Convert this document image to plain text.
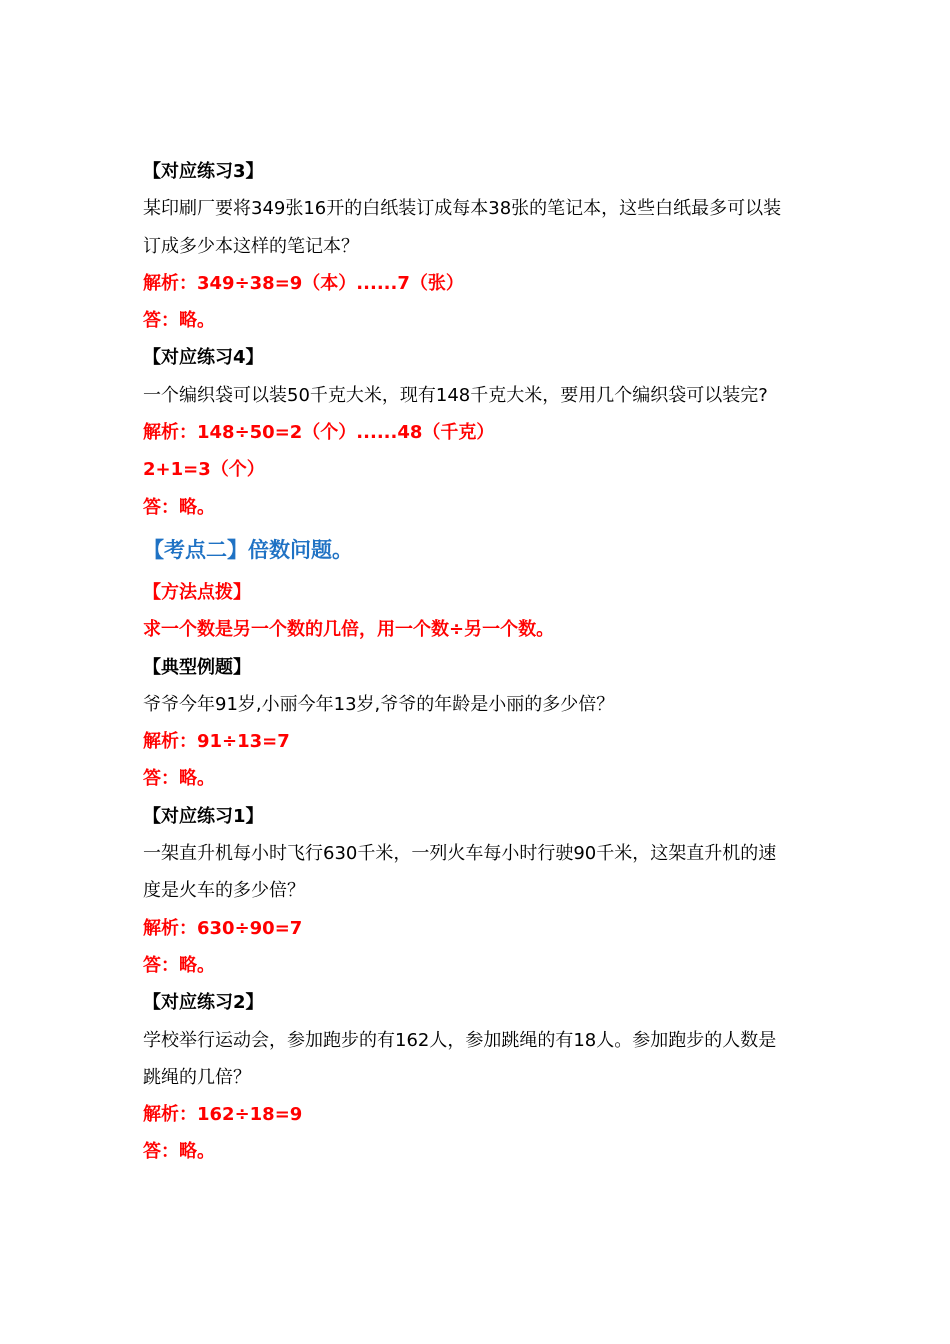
【对应练习3】
某印刷厂要将349张16开的白纸装订成每本38张的笔记本，这些白纸最多可以装
订成多少本这样的笔记本？
解析：349÷38=9（本）......7（张）
答：略。
【对应练习4】
一个编织袋可以装50千克大米，现有148千克大米，要用几个编织袋可以装完?
解析：148÷50=2（个）......48（千克）
2+1=3（个）
答：略。
【考点二】倍数问题。
【方法点拨】
求一个数是另一个数的几倍，用一个数÷另一个数。
【典型例题】
爷爷今年91岁,小丽今年13岁,爷爷的年龄是小丽的多少倍？
解析：91÷13=7
答：略。
【对应练习1】
一架直升机每小时飞行630千米，一列火车每小时行驶90千米，这架直升机的速
度是火车的多少倍？
解析：630÷90=7
答：略。
【对应练习2】
学校举行运动会，参加跑步的有162人，参加跳绳的有18人。参加跑步的人数是
跳绳的几倍？
解析：162÷18=9
答：略。
